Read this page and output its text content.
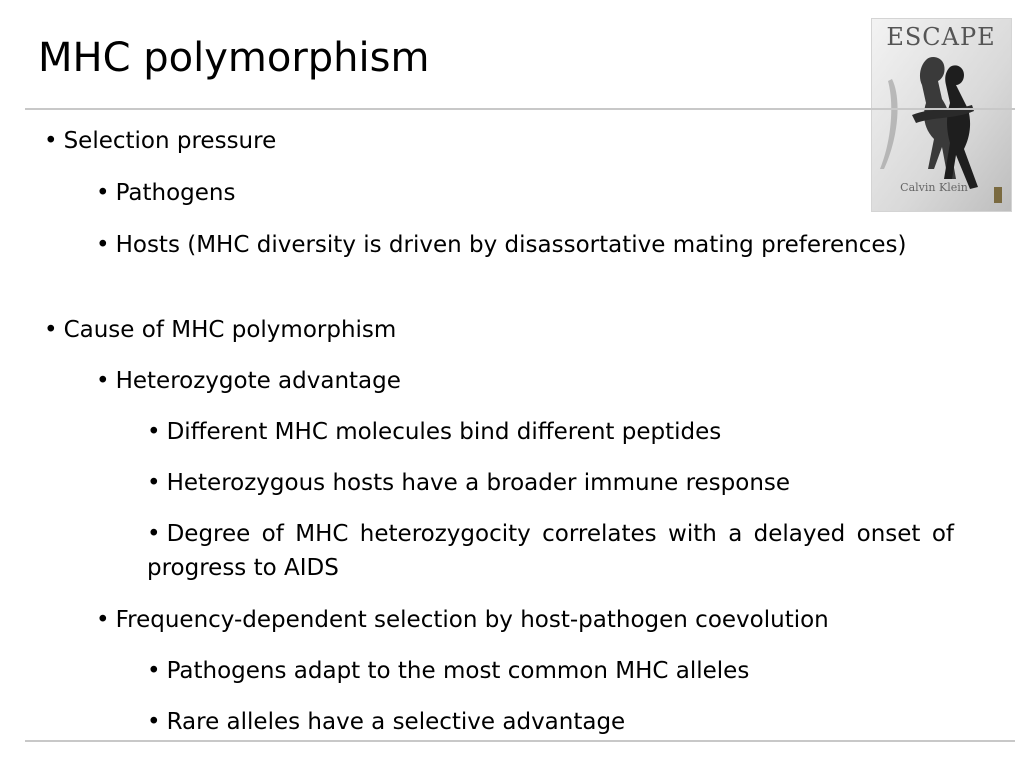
MHC polymorphism	ESCAPE
Calvin Klein

• Selection pressure

• Pathogens

• Hosts (MHC diversity is driven by disassortative mating preferences)

• Cause of MHC polymorphism

• Heterozygote advantage

• Different MHC molecules bind different peptides

• Heterozygous hosts have a broader immune response

• Degree of MHC heterozygocity correlates with a delayed onset of progress to AIDS

• Frequency-dependent selection by host-pathogen coevolution

• Pathogens adapt to the most common MHC alleles

• Rare alleles have a selective advantage
